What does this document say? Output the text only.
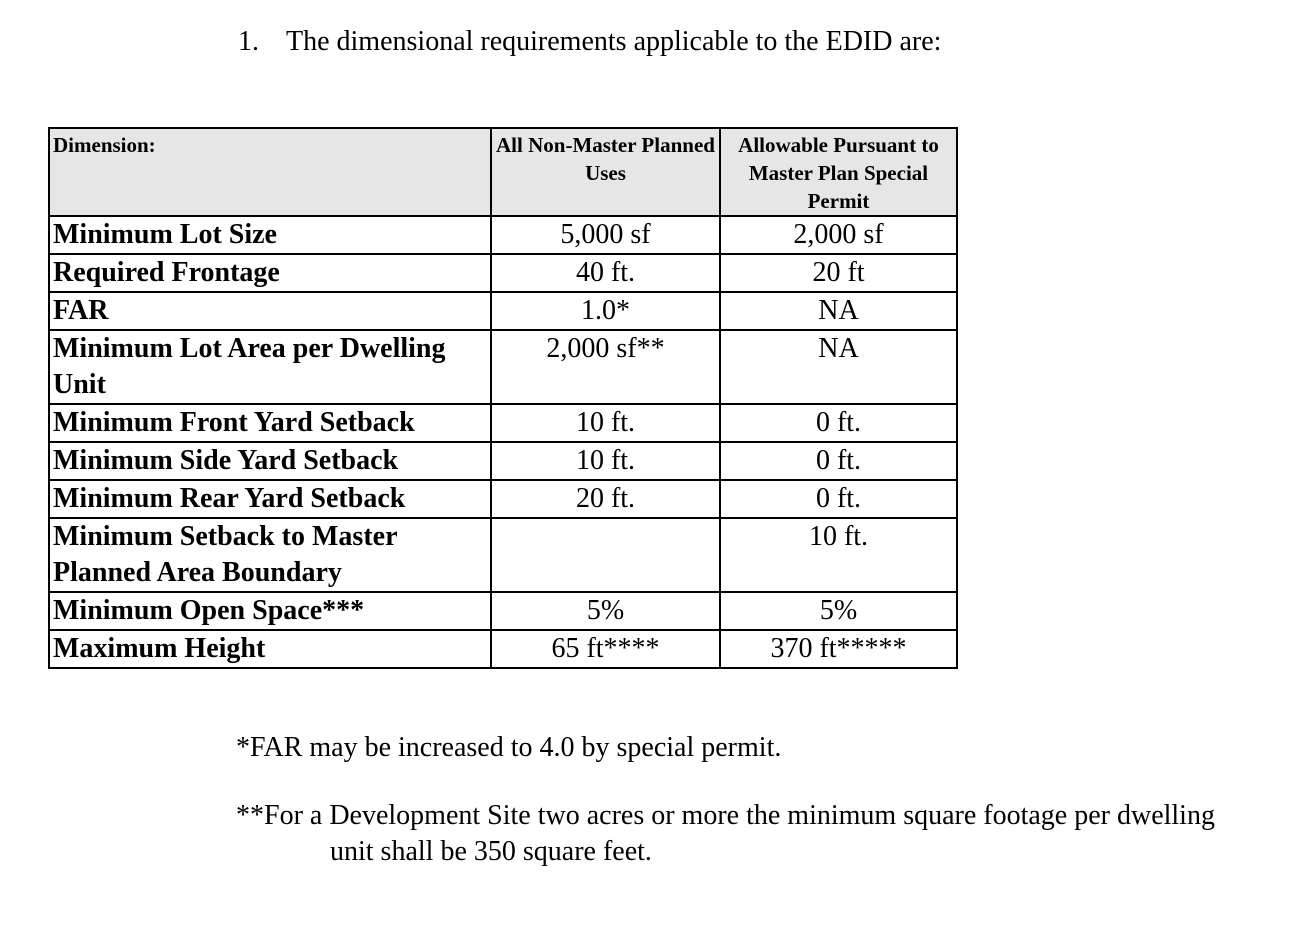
1. The dimensional requirements applicable to the EDID are:
Dimension:	All Non-Master Planned Uses	Allowable Pursuant to Master Plan Special Permit
Minimum Lot Size	5,000 sf	2,000 sf
Required Frontage	40 ft.	20 ft
FAR	1.0*	NA
Minimum Lot Area per Dwelling Unit	2,000 sf**	NA
Minimum Front Yard Setback	10 ft.	0 ft.
Minimum Side Yard Setback	10 ft.	0 ft.
Minimum Rear Yard Setback	20 ft.	0 ft.
Minimum Setback to Master Planned Area Boundary		10 ft.
Minimum Open Space***	5%	5%
Maximum Height	65 ft****	370 ft*****

*FAR may be increased to 4.0 by special permit.

**For a Development Site two acres or more the minimum square footage per dwelling unit shall be 350 square feet.
